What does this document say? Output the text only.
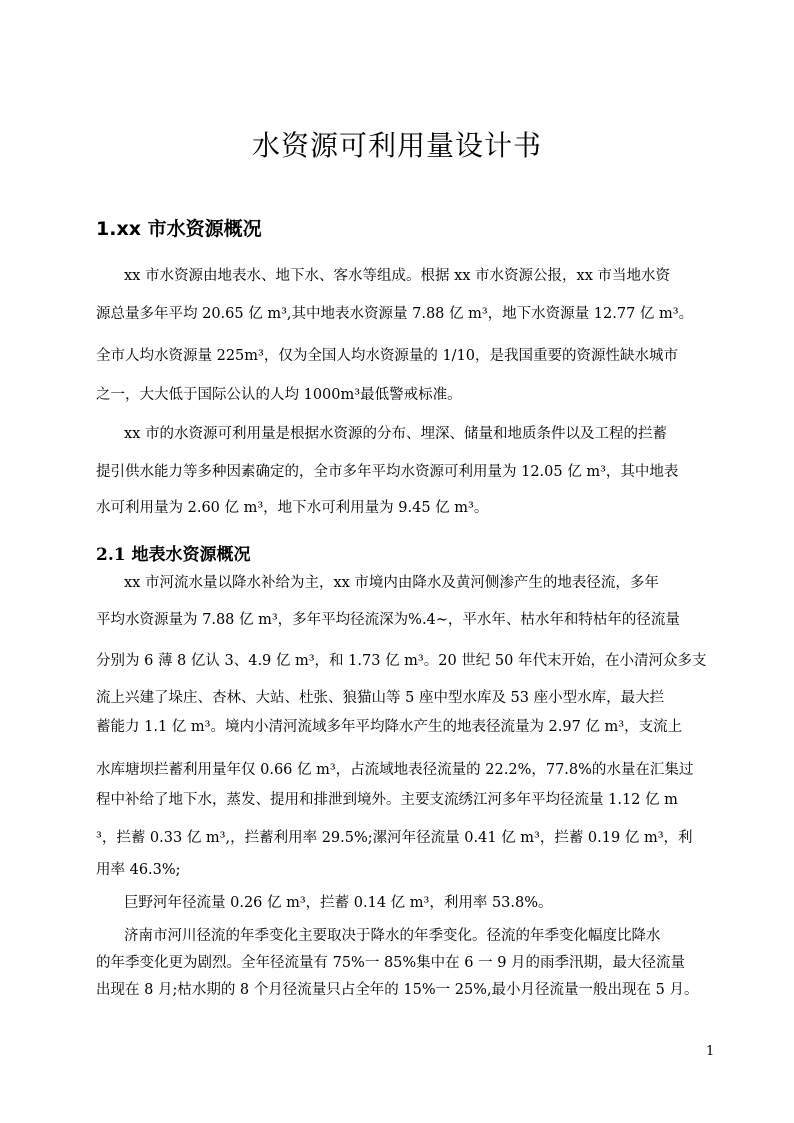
水资源可利用量设计书
1.xx 市水资源概况
xx 市水资源由地表水、地下水、客水等组成。根据 xx 市水资源公报，xx 市当地水资
源总量多年平均 20.65 亿 m³,其中地表水资源量 7.88 亿 m³，地下水资源量 12.77 亿 m³。
全市人均水资源量 225m³，仅为全国人均水资源量的 1/10，是我国重要的资源性缺水城市
之一，大大低于国际公认的人均 1000m³最低警戒标准。
xx 市的水资源可利用量是根据水资源的分布、埋深、储量和地质条件以及工程的拦蓄
提引供水能力等多种因素确定的，全市多年平均水资源可利用量为 12.05 亿 m³，其中地表
水可利用量为 2.60 亿 m³，地下水可利用量为 9.45 亿 m³。
2.1 地表水资源概况
xx 市河流水量以降水补给为主，xx 市境内由降水及黄河侧渗产生的地表径流，多年
平均水资源量为 7.88 亿 m³，多年平均径流深为%.4~，平水年、枯水年和特枯年的径流量
分别为 6 薄 8 亿认 3、4.9 亿 m³，和 1.73 亿 m³。20 世纪 50 年代末开始，在小清河众多支
流上兴建了垛庄、杏林、大站、杜张、狼猫山等 5 座中型水库及 53 座小型水库，最大拦
蓄能力 1.1 亿 m³。境内小清河流域多年平均降水产生的地表径流量为 2.97 亿 m³，支流上
水库塘坝拦蓄利用量年仅 0.66 亿 m³，占流域地表径流量的 22.2%，77.8%的水量在汇集过
程中补给了地下水，蒸发、提用和排泄到境外。主要支流绣江河多年平均径流量 1.12 亿 m
³，拦蓄 0.33 亿 m³,，拦蓄利用率 29.5%;漯河年径流量 0.41 亿 m³，拦蓄 0.19 亿 m³，利
用率 46.3%;
巨野河年径流量 0.26 亿 m³，拦蓄 0.14 亿 m³，利用率 53.8%。
济南市河川径流的年季变化主要取决于降水的年季变化。径流的年季变化幅度比降水
的年季变化更为剧烈。全年径流量有 75%一 85%集中在 6 一 9 月的雨季汛期，最大径流量
出现在 8 月;枯水期的 8 个月径流量只占全年的 15%一 25%,最小月径流量一般出现在 5 月。
1
